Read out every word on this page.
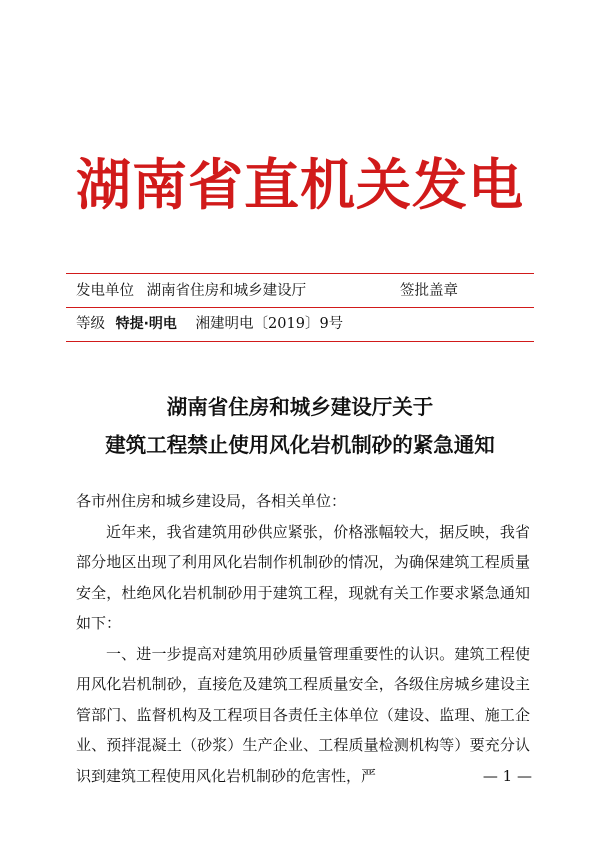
湖南省直机关发电
发电单位 湖南省住房和城乡建设厅	签批盖章
等级 特提·明电 湘建明电〔2019〕9号
湖南省住房和城乡建设厅关于
建筑工程禁止使用风化岩机制砂的紧急通知

各市州住房和城乡建设局，各相关单位：

近年来，我省建筑用砂供应紧张，价格涨幅较大，据反映，我省部分地区出现了利用风化岩制作机制砂的情况，为确保建筑工程质量安全，杜绝风化岩机制砂用于建筑工程，现就有关工作要求紧急通知如下：

一、进一步提高对建筑用砂质量管理重要性的认识。建筑工程使用风化岩机制砂，直接危及建筑工程质量安全，各级住房城乡建设主管部门、监督机构及工程项目各责任主体单位（建设、监理、施工企业、预拌混凝土（砂浆）生产企业、工程质量检测机构等）要充分认识到建筑工程使用风化岩机制砂的危害性，严	— 1 —
